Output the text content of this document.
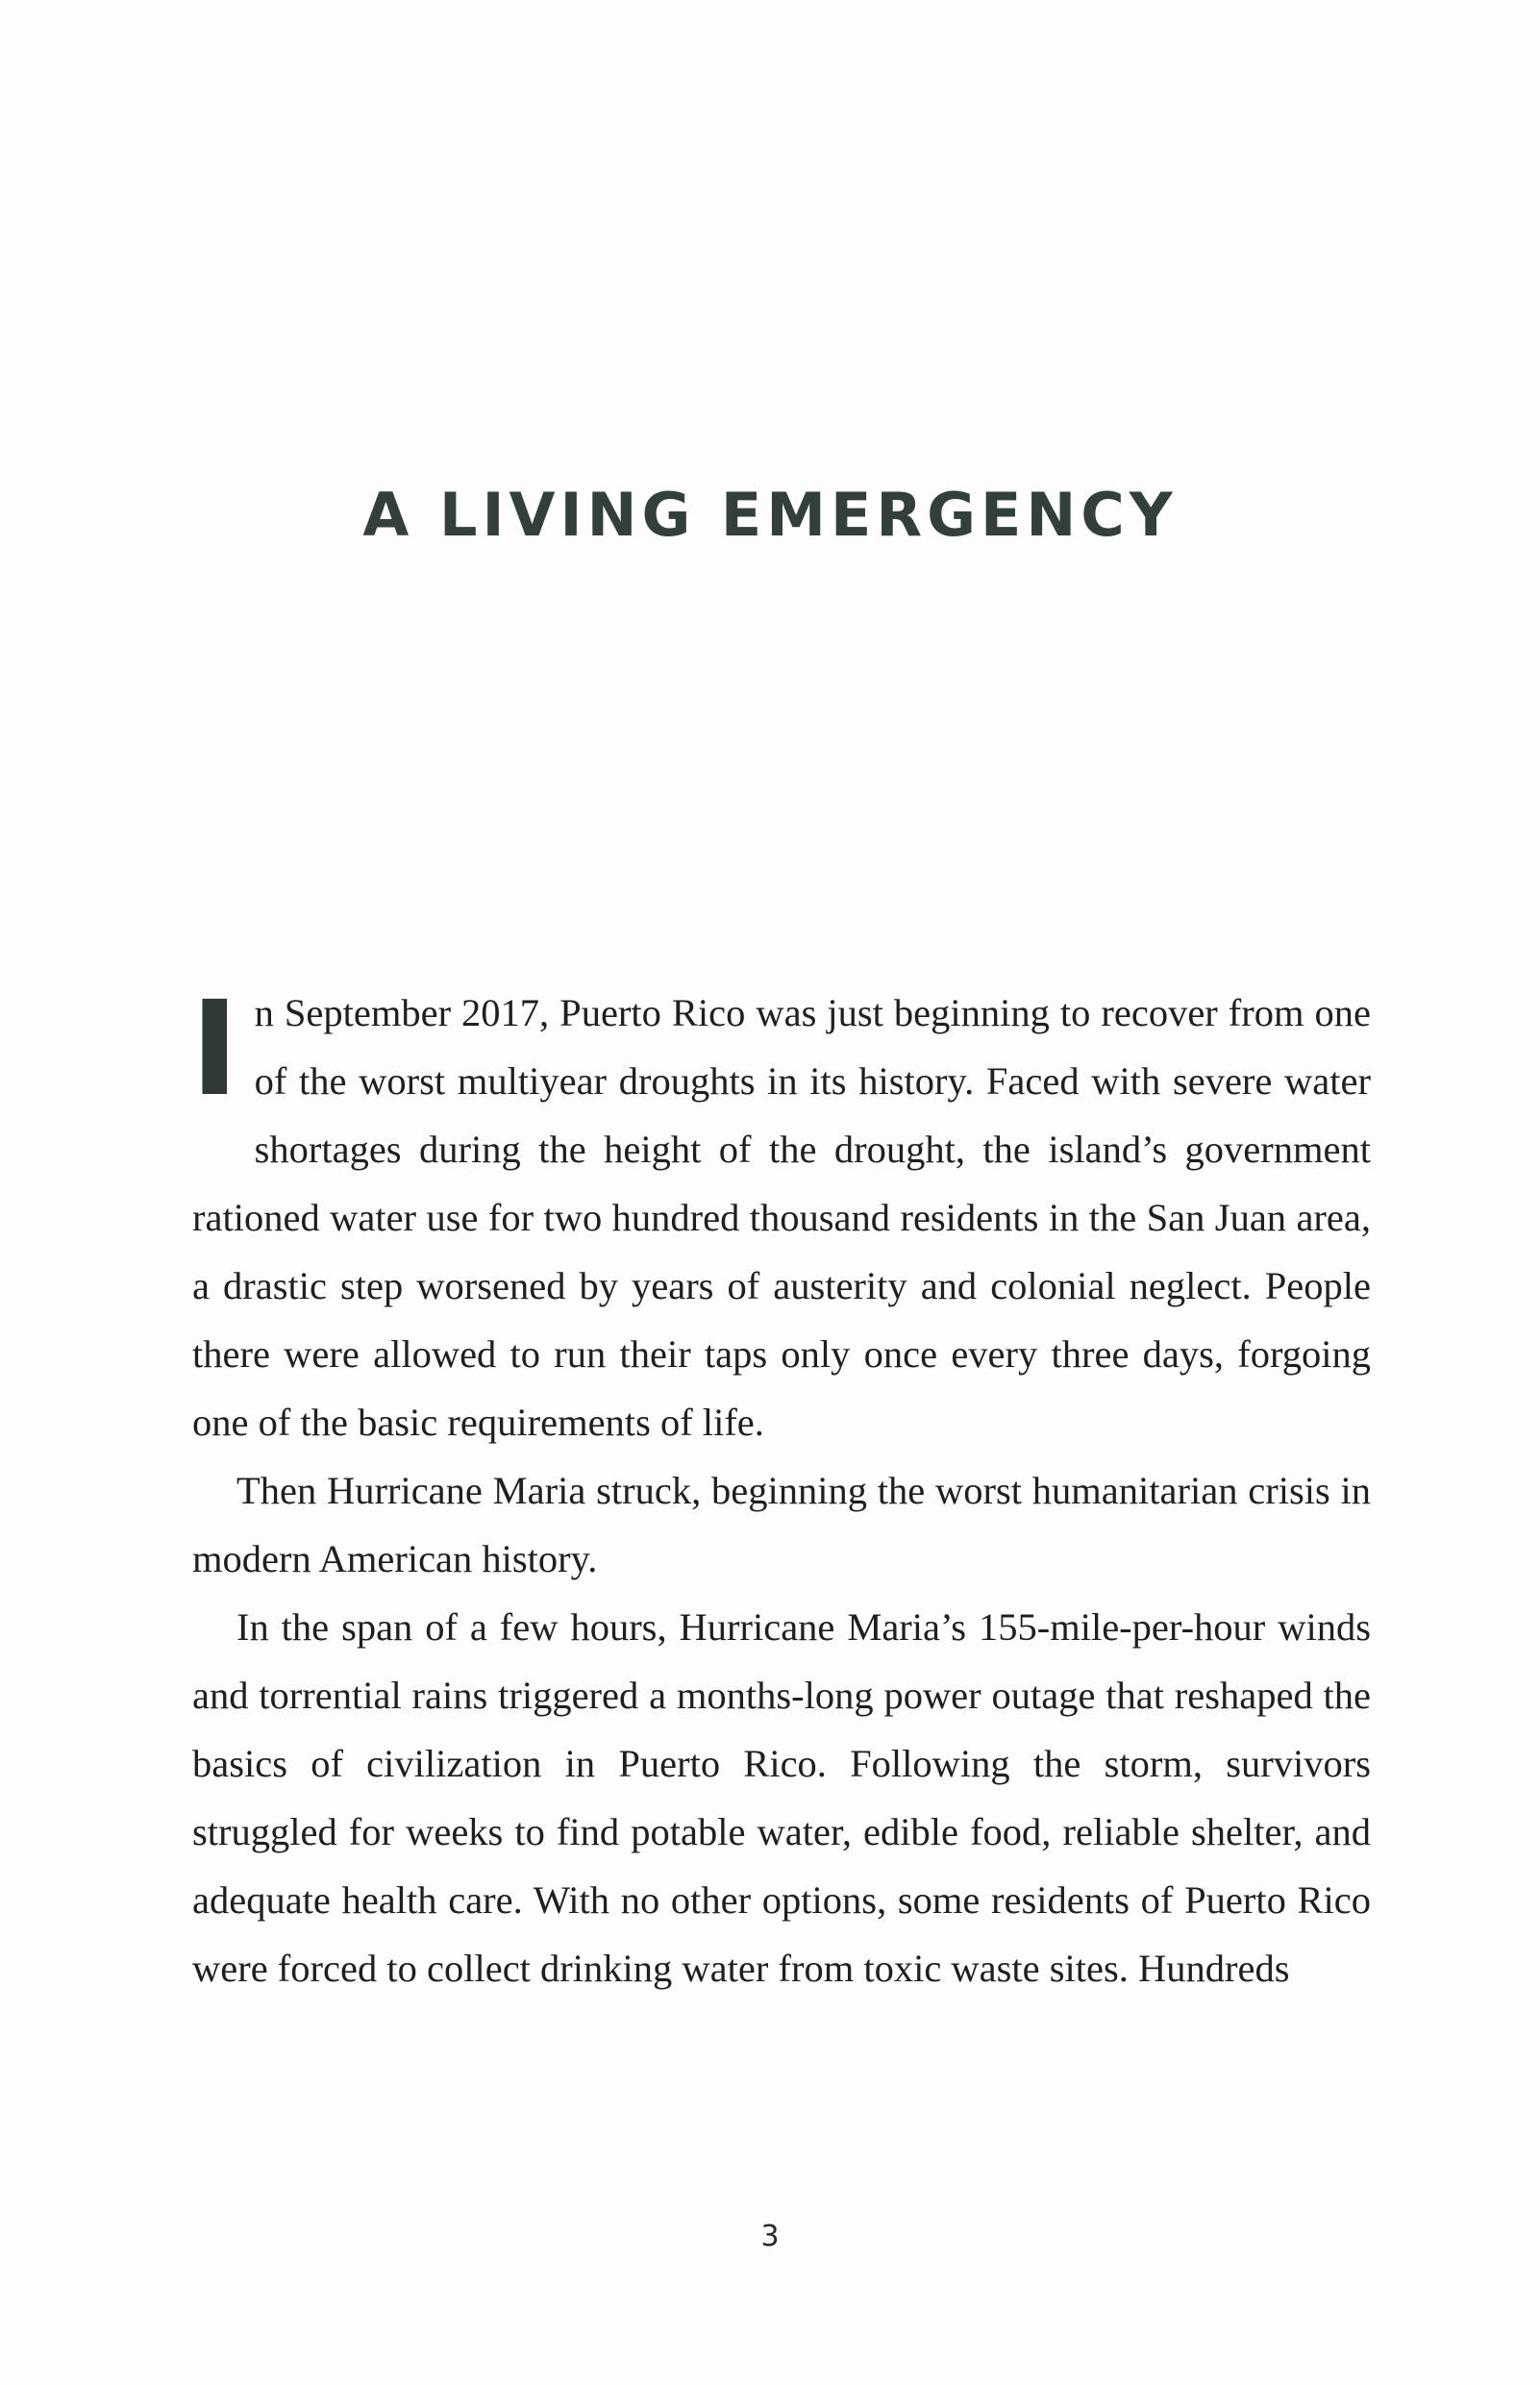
A LIVING EMERGENCY

In September 2017, Puerto Rico was just beginning to recover from one of the worst multiyear droughts in its history. Faced with severe water shortages during the height of the drought, the island’s government rationed water use for two hundred thousand residents in the San Juan area, a drastic step worsened by years of austerity and colonial neglect. People there were allowed to run their taps only once every three days, forgoing one of the basic requirements of life.

Then Hurricane Maria struck, beginning the worst humanitarian crisis in modern American history.

In the span of a few hours, Hurricane Maria’s 155-mile-per-hour winds and torrential rains triggered a months-long power outage that reshaped the basics of civilization in Puerto Rico. Following the storm, survivors struggled for weeks to find potable water, edible food, reliable shelter, and adequate health care. With no other options, some residents of Puerto Rico were forced to collect drinking water from toxic waste sites. Hundreds

3
